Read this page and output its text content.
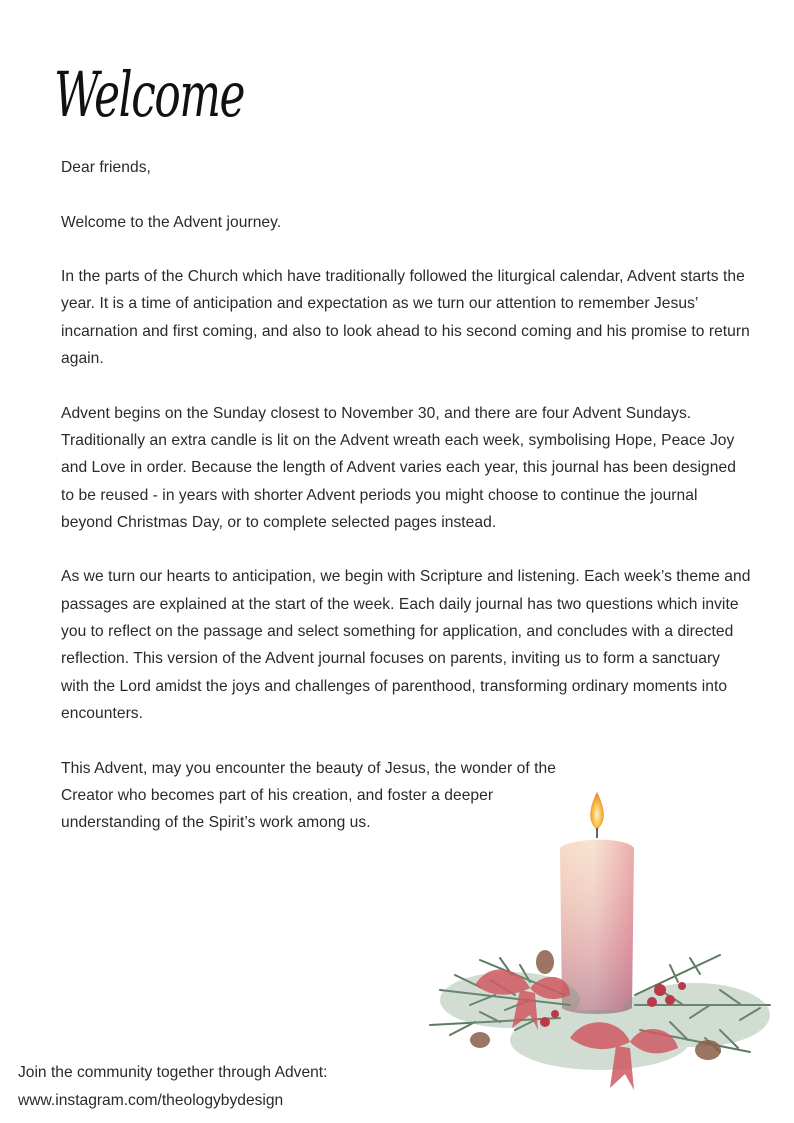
Welcome

Dear friends,

Welcome to the Advent journey.

In the parts of the Church which have traditionally followed the liturgical calendar, Advent starts the year. It is a time of anticipation and expectation as we turn our attention to remember Jesus’ incarnation and first coming, and also to look ahead to his second coming and his promise to return again.

Advent begins on the Sunday closest to November 30, and there are four Advent Sundays. Traditionally an extra candle is lit on the Advent wreath each week, symbolising Hope, Peace Joy and Love in order. Because the length of Advent varies each year, this journal has been designed to be reused - in years with shorter Advent periods you might choose to continue the journal beyond Christmas Day, or to complete selected pages instead.

As we turn our hearts to anticipation, we begin with Scripture and listening. Each week’s theme and passages are explained at the start of the week. Each daily journal has two questions which invite you to reflect on the passage and select something for application, and concludes with a directed reflection. This version of the Advent journal focuses on parents, inviting us to form a sanctuary with the Lord amidst the joys and challenges of parenthood, transforming ordinary moments into encounters.

This Advent, may you encounter the beauty of Jesus, the wonder of the Creator who becomes part of his creation, and foster a deeper understanding of the Spirit’s work among us.

Join the community together through Advent:
www.instagram.com/theologybydesign
